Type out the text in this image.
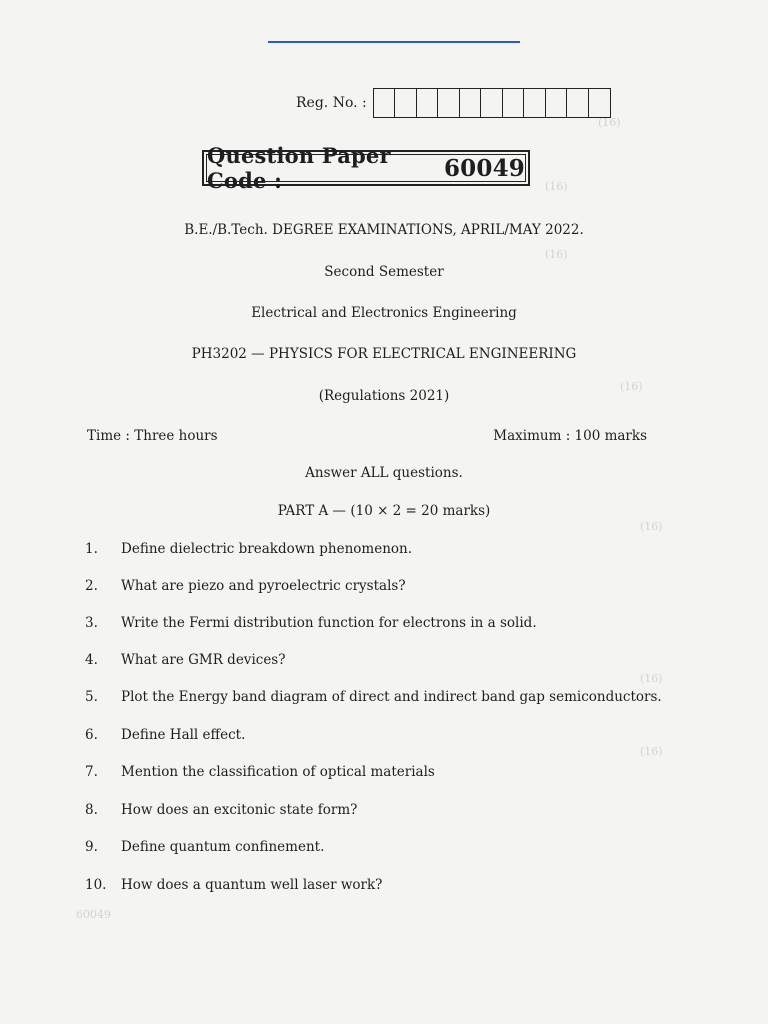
(16)
(16)
(16)
(16)
(16)
(16)
(16)
60049
Reg. No. :
Question Paper Code :	60049
B.E./B.Tech. DEGREE EXAMINATIONS, APRIL/MAY 2022.
Second Semester
Electrical and Electronics Engineering
PH3202 — PHYSICS FOR ELECTRICAL ENGINEERING
(Regulations 2021)
Time : Three hours	Maximum : 100 marks
Answer ALL questions.
PART A — (10 × 2 = 20 marks)
1.	Define dielectric breakdown phenomenon.
2.	What are piezo and pyroelectric crystals?
3.	Write the Fermi distribution function for electrons in a solid.
4.	What are GMR devices?
5.	Plot the Energy band diagram of direct and indirect band gap semiconductors.
6.	Define Hall effect.
7.	Mention the classification of optical materials
8.	How does an excitonic state form?
9.	Define quantum confinement.
10.	How does a quantum well laser work?
